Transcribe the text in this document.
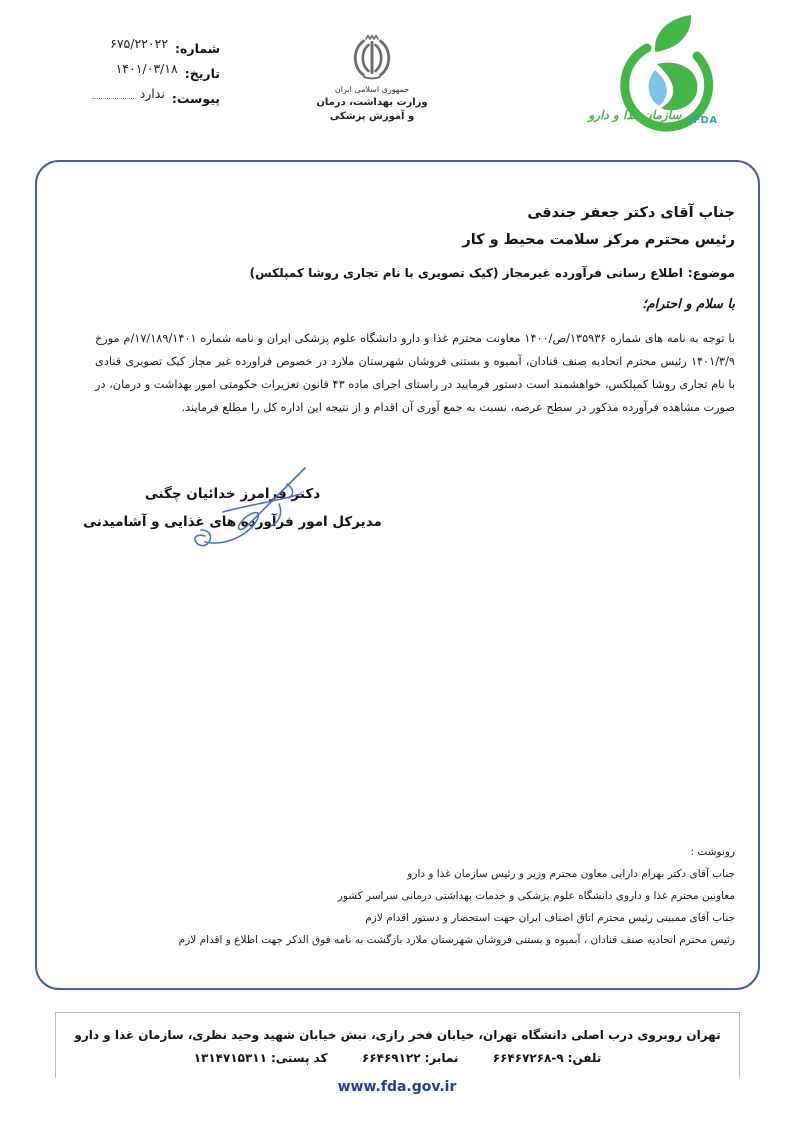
شماره:
۶۷۵/۲۲۰۲۲
تاریخ:
۱۴۰۱/۰۳/۱۸
پیوست:
ندارد	جمهوری اسلامی ایران
وزارت بهداشت، درمان
و آموزش پزشکی	سازمان غذا و دارو IFDA
جناب آقای دکتر جعفر جندقی
رئیس محترم مرکز سلامت محیط و کار
موضوع:اطلاع رسانی فرآورده غیرمجاز (کیک تصویری با نام تجاری روشا کمپلکس)
با سلام و احترام؛

با توجه به نامه های شماره ۱۳۵۹۳۶/ص/۱۴۰۰ معاونت محترم غذا و دارو دانشگاه علوم پزشکی ایران و نامه شماره ۱۷/۱۸۹/۱۴۰۱/م مورخ ۱۴۰۱/۳/۹ رئیس محترم اتحادیه صنف قنادان، آبمیوه و بستنی فروشان شهرستان ملارد در خصوص فراورده غیر مجاز کیک تصویری قنادی با نام تجاری روشا کمپلکس، خواهشمند است دستور فرمایید در راستای اجرای ماده ۴۳ قانون تعزیرات حکومتی امور بهداشت و درمان، در صورت مشاهده فرآورده مذکور در سطح عرضه، نسبت به جمع آوری آن اقدام و از نتیجه این اداره کل را مطلع فرمایند.

رونوشت :
جناب آقای دکتر بهرام دارایی معاون محترم وزیر و رئیس سازمان غذا و دارو
معاونین محترم غذا و داروی دانشگاه علوم پزشکی و خدمات بهداشتی درمانی سراسر کشور
جناب آقای ممبینی رئیس محترم اتاق اصناف ایران جهت استحضار و دستور اقدام لازم
رئیس محترم اتحادیه صنف قنادان ، آبمیوه و بستنی فروشان شهرستان ملارد بازگشت به نامه فوق الذکر جهت اطلاع و اقدام لازم
دکتر فرامرز خدائیان چگنی
مدیرکل امور فرآورده های غذایی و آشامیدنی
تهران روبروی درب اصلی دانشگاه تهران، خیابان فخر رازی، نبش خیابان شهید وحید نظری، سازمان غذا و دارو
تلفن:۹-۶۶۴۶۷۲۶۸  نمابر:۶۶۴۶۹۱۲۲  کد پستی:۱۳۱۴۷۱۵۳۱۱
www.fda.gov.ir
